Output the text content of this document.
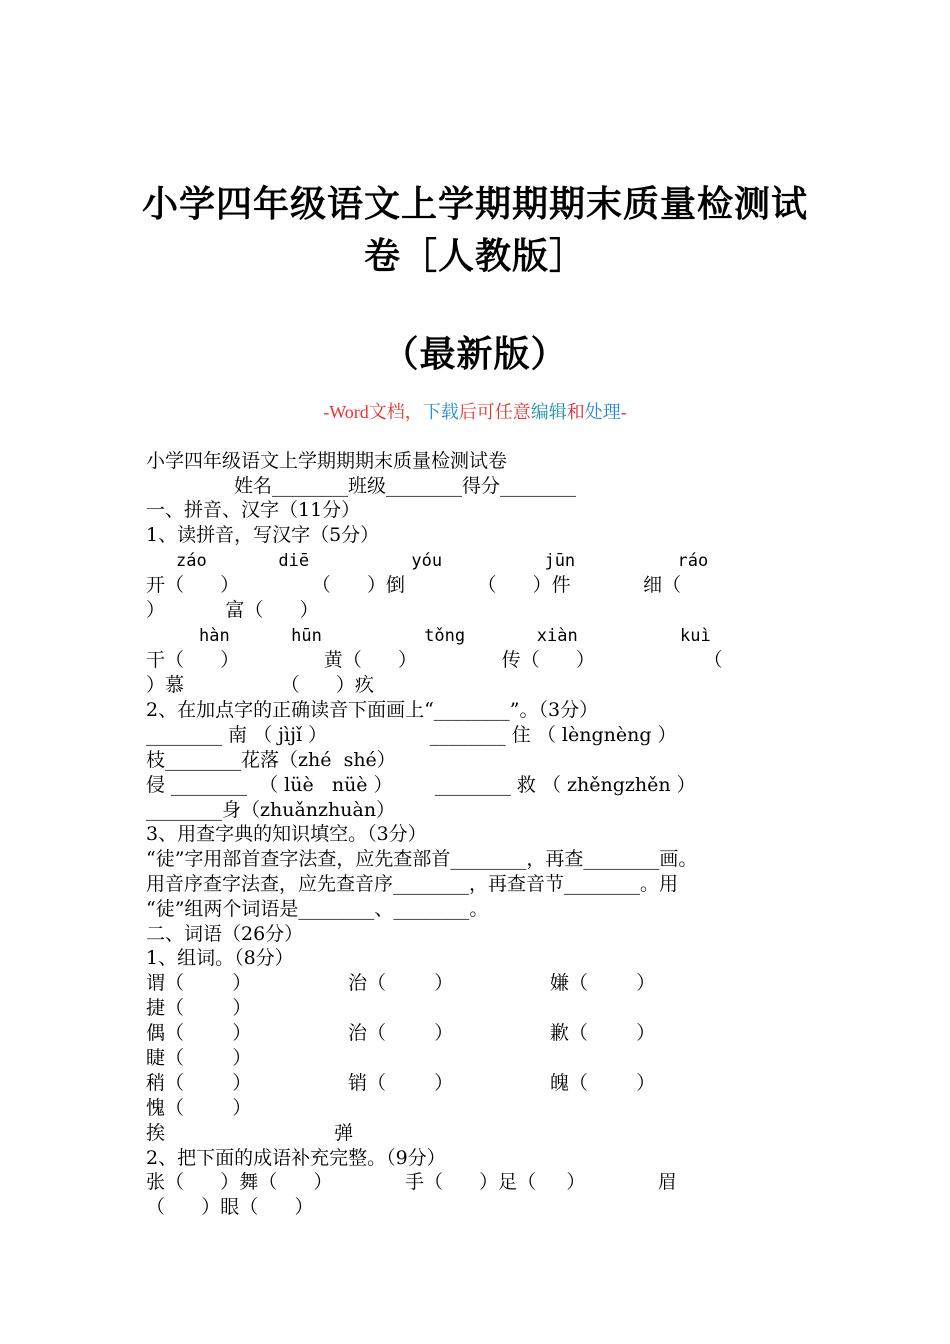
小学四年级语文上学期期期末质量检测试
卷［人教版］
（最新版）
-Word文档，下载后可任意编辑和处理-
小学四年级语文上学期期期末质量检测试卷
姓名________班级________得分________
一、拼音、汉字（11分）
1、读拼音，写汉字（5分）
záo       diē          yóu          jūn          ráo
开（      ）            （      ）倒            （      ）件            细（
）          富（      ）
hàn      hūn          tǒng       xiàn          kuì
干（      ）              黄（      ）              传（      ）                  （
）慕                （      ）疚
2、在加点字的正确读音下面画上“________”。（3分）
________ 南 （ jìjǐ ）                 ________ 住 （ lèngnèng ）
枝________花落（zhé  shé）
侵 ________  （ lüè   nüè ）       ________ 救 （ zhěngzhěn ）
________身（zhuǎnzhuàn）
3、用查字典的知识填空。（3分）
“徒”字用部首查字法查，应先查部首________，再查________画。
用音序查字法查，应先查音序________，再查音节________。用
“徒”组两个词语是________、________。
二、词语（26分）
1、组词。（8分）
谓（        ）                治（        ）                嫌（        ）
捷（        ）
偶（        ）                治（        ）                歉（        ）
睫（        ）
稍（        ）                销（        ）                魄（        ）
愧（        ）
挨                            弹
2、把下面的成语补充完整。（9分）
张（      ）舞（      ）            手（      ）足（     ）            眉
（      ）眼（      ）
